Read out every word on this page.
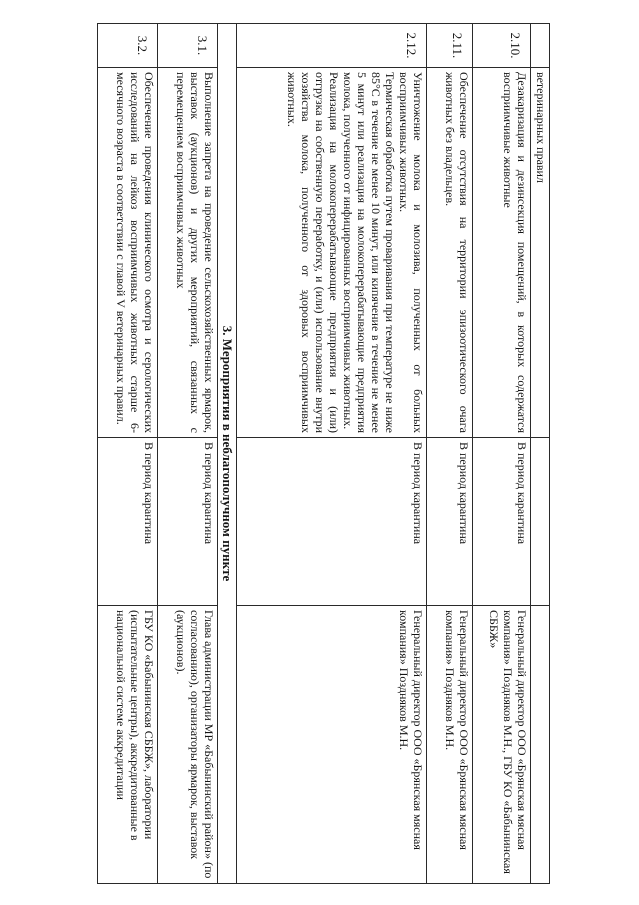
	ветеринарных правил		
2.10.	Дезакаризация и дезинсекция помещений, в которых содержатся восприимчивые животные	В период карантина	Генеральный директор ООО «Брянская мясная компания» Поздняков М.Н., ГБУ КО «Бабынинская СББЖ»
2.11.	Обеспечение отсутствия на территории эпизоотического очага животных без владельцев.	В период карантина	Генеральный директор ООО «Брянская мясная компания» Поздняков М.Н.
2.12.	Уничтожение молока и молозива, полученных от больных восприимчивых животных.
Термическая обработка путем проваривания при температуре не ниже 85°C в течение не менее 10 минут, или кипячение в течение не менее 5 минут или реализация на молокоперерабатывающие предприятия молока, полученного от инфицированных восприимчивых животных.
Реализация на молокоперерабатывающие предприятия и (или) отгрузка на собственную переработку, и (или) использование внутри хозяйства молока, полученного от здоровых восприимчивых животных.	В период карантина	Генеральный директор ООО «Брянская мясная компания» Поздняков М.Н.
3. Мероприятия в неблагополучном пункте			
3.1.	Выполнение запрета на проведение сельскохозяйственных ярмарок, выставок (аукционов) и других мероприятий, связанных с перемещением восприимчивых животных	В период карантина	Глава администрации МР «Бабынинский район» (по согласованию), организаторы ярмарок, выставок (аукционов).
3.2.	Обеспечение проведения клинического осмотра и серологических исследований на лейкоз восприимчивых животных старше 6-месячного возраста в соответствии с главой V ветеринарных правил.	В период карантина	ГБУ КО «Бабынинская СББЖ», лаборатории (испытательные центры), аккредитованные в национальной системе аккредитации
